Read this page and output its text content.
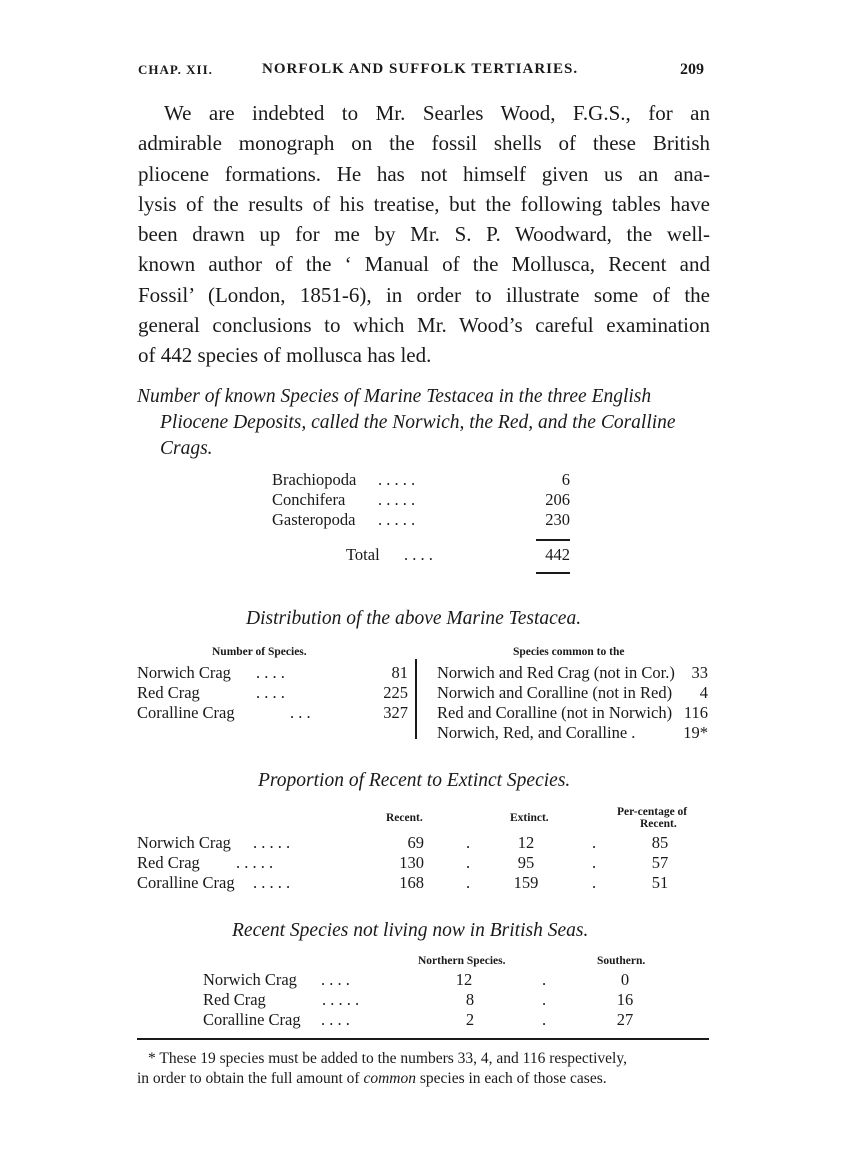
CHAP. XII.	NORFOLK AND SUFFOLK TERTIARIES.	209
We are indebted to Mr. Searles Wood, F.G.S., for an
admirable monograph on the fossil shells of these British
pliocene formations. He has not himself given us an ana-
lysis of the results of his treatise, but the following tables have
been drawn up for me by Mr. S. P. Woodward, the well-
known author of the ‘ Manual of the Mollusca, Recent and
Fossil’ (London, 1851-6), in order to illustrate some of the
general conclusions to which Mr. Wood’s careful examination
of 442 species of mollusca has led.
Number of known Species of Marine Testacea in the three English
Pliocene Deposits, called the Norwich, the Red, and the Coralline
Crags.
Brachiopoda . . . . .	6
Conchifera . . . . .	206
Gasteropoda . . . . .	230
Total . . . .	442
Distribution of the above Marine Testacea.
Number of Species.	Species common to the
Norwich Crag . . . .	81
Red Crag	. . . .	225
Coralline Crag	. . .	327
Norwich and Red Crag (not in Cor.)	33
Norwich and Coralline (not in Red)	4
Red and Coralline (not in Norwich) 116
Norwich, Red, and Coralline .	19*
Proportion of Recent to Extinct Species.
Recent.	Extinct.	Per-centage of
Recent.
Norwich Crag . . . . .	69	.	12	.	85
Red Crag . . . . .	130	.	95	.	57
Coralline Crag . . . . .	168	.	159	.	51
Recent Species not living now in British Seas.
Northern Species.	Southern.
Norwich Crag . . . .	12	.	0
Red Crag	. . . . .	8	.	16
Coralline Crag . . . .	2	.	27
* These 19 species must be added to the numbers 33, 4, and 116 respectively,
in order to obtain the full amount of common species in each of those cases.
